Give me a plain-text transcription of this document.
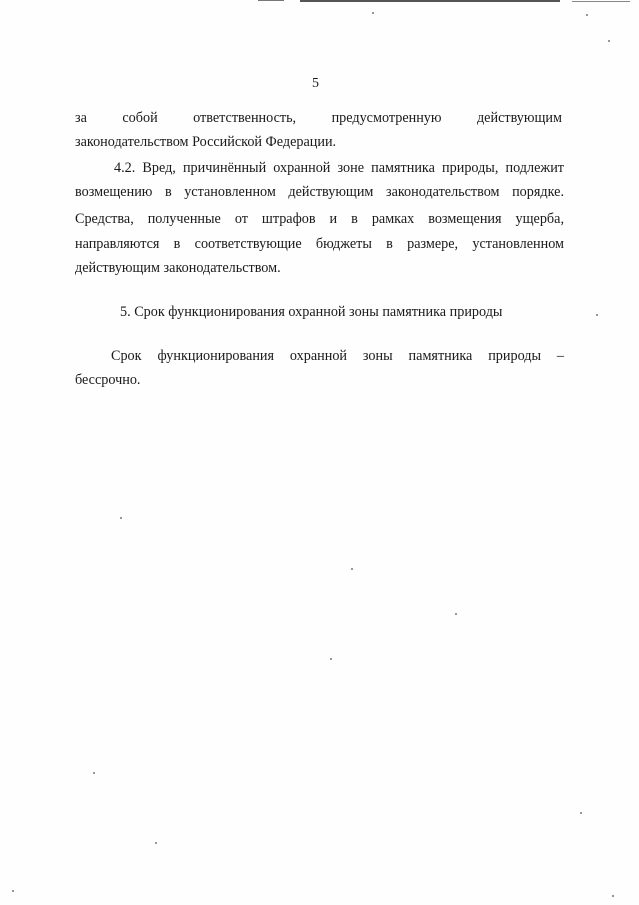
5
за собой ответственность, предусмотренную действующим
законодательством Российской Федерации.
4.2. Вред, причинённый охранной зоне памятника природы, подлежит
возмещению в установленном действующим законодательством порядке.
Средства, полученные от штрафов и в рамках возмещения ущерба,
направляются в соответствующие бюджеты в размере, установленном
действующим законодательством.
5. Срок функционирования охранной зоны памятника природы
Срок функционирования охранной зоны памятника природы –
бессрочно.
